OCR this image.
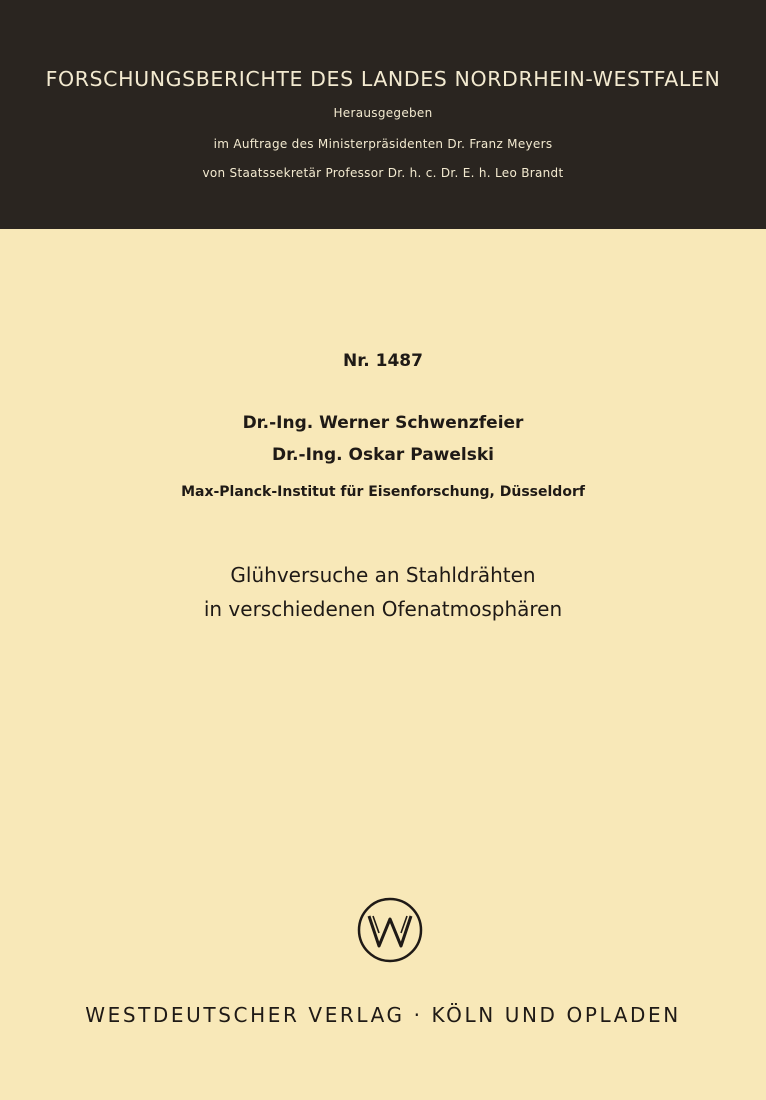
FORSCHUNGSBERICHTE DES LANDES NORDRHEIN-WESTFALEN
Herausgegeben
im Auftrage des Ministerpräsidenten Dr. Franz Meyers
von Staatssekretär Professor Dr. h. c. Dr. E. h. Leo Brandt
Nr. 1487
Dr.-Ing. Werner Schwenzfeier
Dr.-Ing. Oskar Pawelski
Max-Planck-Institut für Eisenforschung, Düsseldorf
Glühversuche an Stahldrähten
in verschiedenen Ofenatmosphären
WESTDEUTSCHER VERLAG · KÖLN UND OPLADEN
